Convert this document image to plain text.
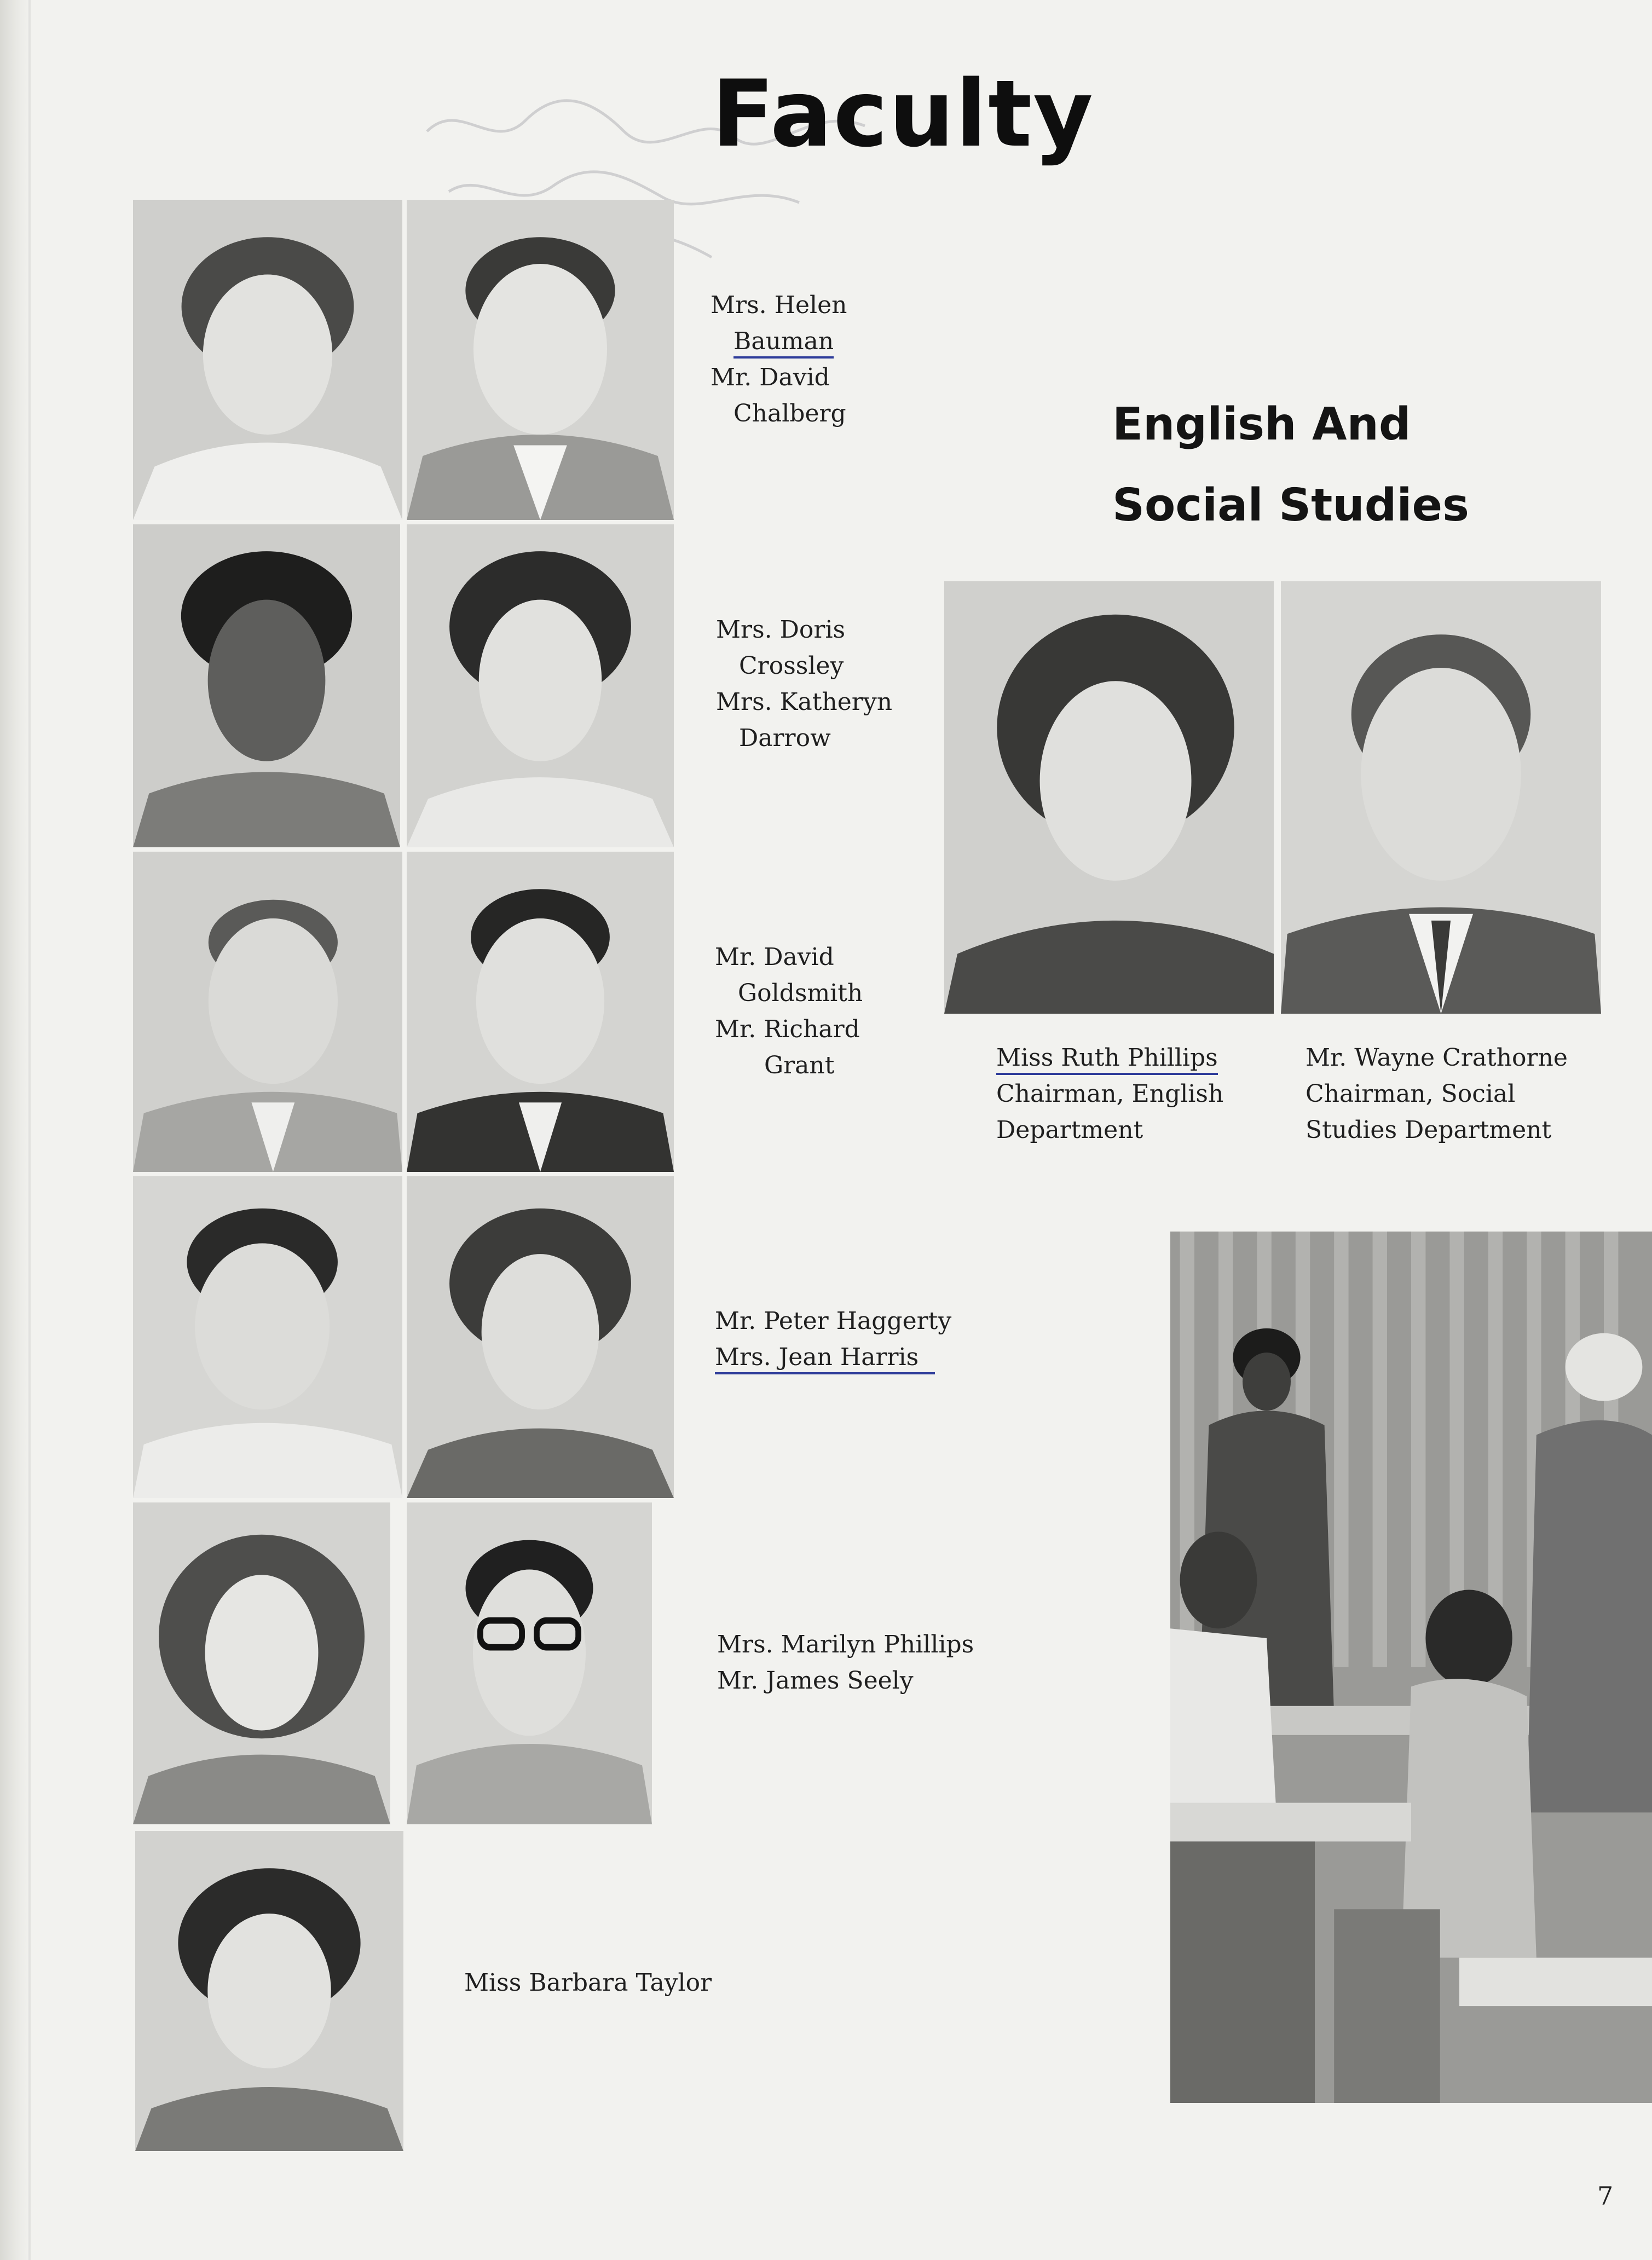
Faculty
English And
Social Studies
Mrs. Helen
Bauman
Mr. David
Chalberg
Mrs. Doris
Crossley
Mrs. Katheryn
Darrow
Mr. David
Goldsmith
Mr. Richard
Grant
Mr. Peter Haggerty
Mrs. Jean Harris
Mrs. Marilyn Phillips
Mr. James Seely
Miss Barbara Taylor
Miss Ruth Phillips
Chairman, English
Department
Mr. Wayne Crathorne
Chairman, Social
Studies Department
7
